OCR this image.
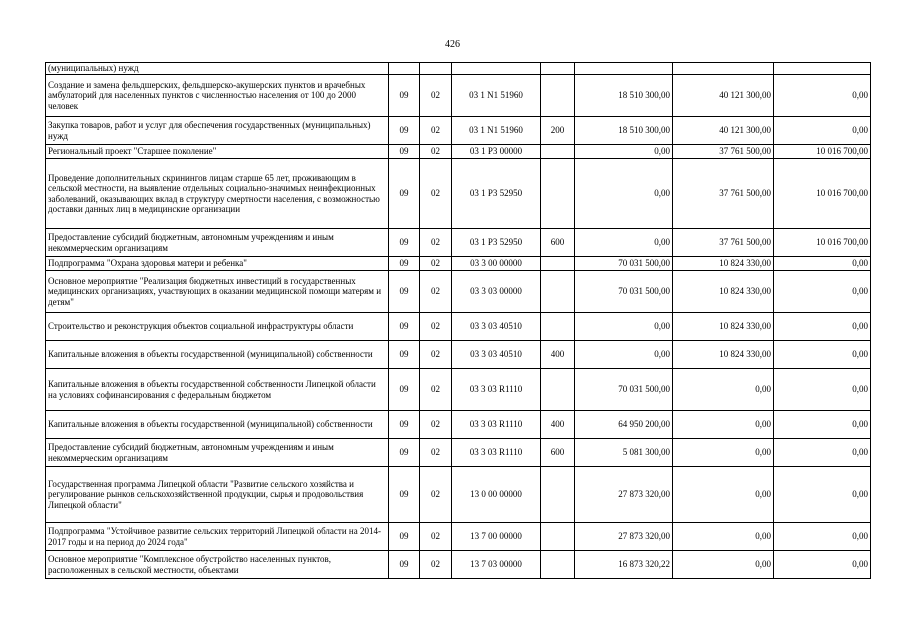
426
(муниципальных) нужд							
Создание и замена фельдшерских, фельдшерско-акушерских пунктов и врачебных амбулаторий для населенных пунктов с численностью населения от 100 до 2000 человек	09	02	03 1 N1 51960		18 510 300,00	40 121 300,00	0,00
Закупка товаров, работ и услуг для обеспечения государственных (муниципальных) нужд	09	02	03 1 N1 51960	200	18 510 300,00	40 121 300,00	0,00
Региональный проект "Старшее поколение"	09	02	03 1 P3 00000		0,00	37 761 500,00	10 016 700,00
Проведение дополнительных скринингов лицам старше 65 лет, проживающим в сельской местности, на выявление отдельных социально-значимых неинфекционных заболеваний, оказывающих вклад в структуру смертности населения, с возможностью доставки данных лиц в медицинские организации	09	02	03 1 P3 52950		0,00	37 761 500,00	10 016 700,00
Предоставление субсидий бюджетным, автономным учреждениям и иным некоммерческим организациям	09	02	03 1 P3 52950	600	0,00	37 761 500,00	10 016 700,00
Подпрограмма "Охрана здоровья матери и ребенка"	09	02	03 3 00 00000		70 031 500,00	10 824 330,00	0,00
Основное мероприятие "Реализация бюджетных инвестиций в государственных медицинских организациях, участвующих в оказании медицинской помощи матерям и детям"	09	02	03 3 03 00000		70 031 500,00	10 824 330,00	0,00
Строительство и реконструкция объектов социальной инфраструктуры области	09	02	03 3 03 40510		0,00	10 824 330,00	0,00
Капитальные вложения в объекты государственной (муниципальной) собственности	09	02	03 3 03 40510	400	0,00	10 824 330,00	0,00
Капитальные вложения в объекты государственной собственности Липецкой области на условиях софинансирования с федеральным бюджетом	09	02	03 3 03 R1110		70 031 500,00	0,00	0,00
Капитальные вложения в объекты государственной (муниципальной) собственности	09	02	03 3 03 R1110	400	64 950 200,00	0,00	0,00
Предоставление субсидий бюджетным, автономным учреждениям и иным некоммерческим организациям	09	02	03 3 03 R1110	600	5 081 300,00	0,00	0,00
Государственная программа Липецкой области "Развитие сельского хозяйства и регулирование рынков сельскохозяйственной продукции, сырья и продовольствия Липецкой области"	09	02	13 0 00 00000		27 873 320,00	0,00	0,00
Подпрограмма "Устойчивое развитие сельских территорий Липецкой области на 2014-2017 годы и на период до 2024 года"	09	02	13 7 00 00000		27 873 320,00	0,00	0,00
Основное мероприятие "Комплексное обустройство населенных пунктов, расположенных в сельской местности, объектами	09	02	13 7 03 00000		16 873 320,22	0,00	0,00
